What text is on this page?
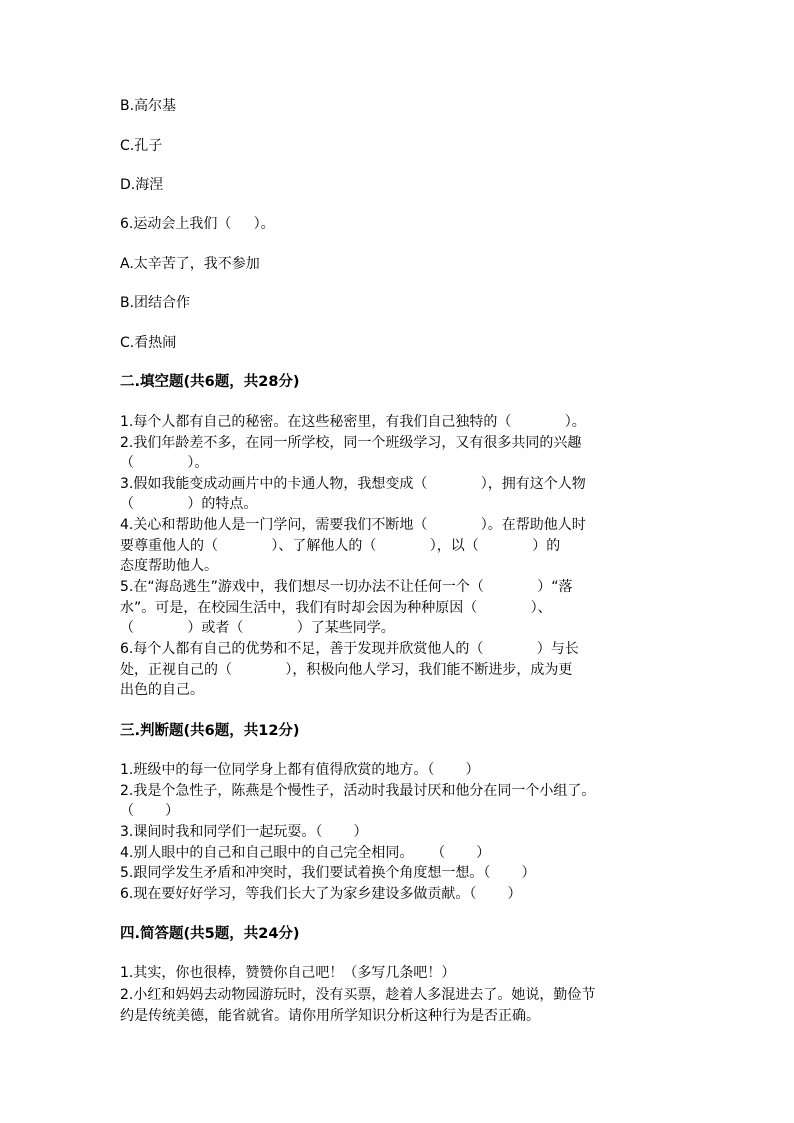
B.高尔基
C.孔子
D.海涅
6.运动会上我们（     ）。
A.太辛苦了，我不参加
B.团结合作
C.看热闹
二.填空题(共6题，共28分)
1.每个人都有自己的秘密。在这些秘密里，有我们自己独特的（            ）。
2.我们年龄差不多，在同一所学校，同一个班级学习，又有很多共同的兴趣
（            ）。
3.假如我能变成动画片中的卡通人物，我想变成（            ），拥有这个人物
（            ）的特点。
4.关心和帮助他人是一门学问，需要我们不断地（            ）。在帮助他人时
要尊重他人的（            ）、了解他人的（            ），以（            ）的
态度帮助他人。
5.在“海岛逃生”游戏中，我们想尽一切办法不让任何一个（            ）“落
水”。可是，在校园生活中，我们有时却会因为种种原因（            ）、
（            ）或者（            ）了某些同学。
6.每个人都有自己的优势和不足，善于发现并欣赏他人的（            ）与长
处，正视自己的（            ），积极向他人学习，我们能不断进步，成为更
出色的自己。
三.判断题(共6题，共12分)
1.班级中的每一位同学身上都有值得欣赏的地方。（       ）
2.我是个急性子，陈燕是个慢性子，活动时我最讨厌和他分在同一个小组了。
（       ）
3.课间时我和同学们一起玩耍。（       ）
4.别人眼中的自己和自己眼中的自己完全相同。    （       ）
5.跟同学发生矛盾和冲突时，我们要试着换个角度想一想。（       ）
6.现在要好好学习，等我们长大了为家乡建设多做贡献。（       ）
四.简答题(共5题，共24分)
1.其实，你也很棒，赞赞你自己吧！（多写几条吧！）
2.小红和妈妈去动物园游玩时，没有买票，趁着人多混进去了。她说，勤俭节
约是传统美德，能省就省。请你用所学知识分析这种行为是否正确。
